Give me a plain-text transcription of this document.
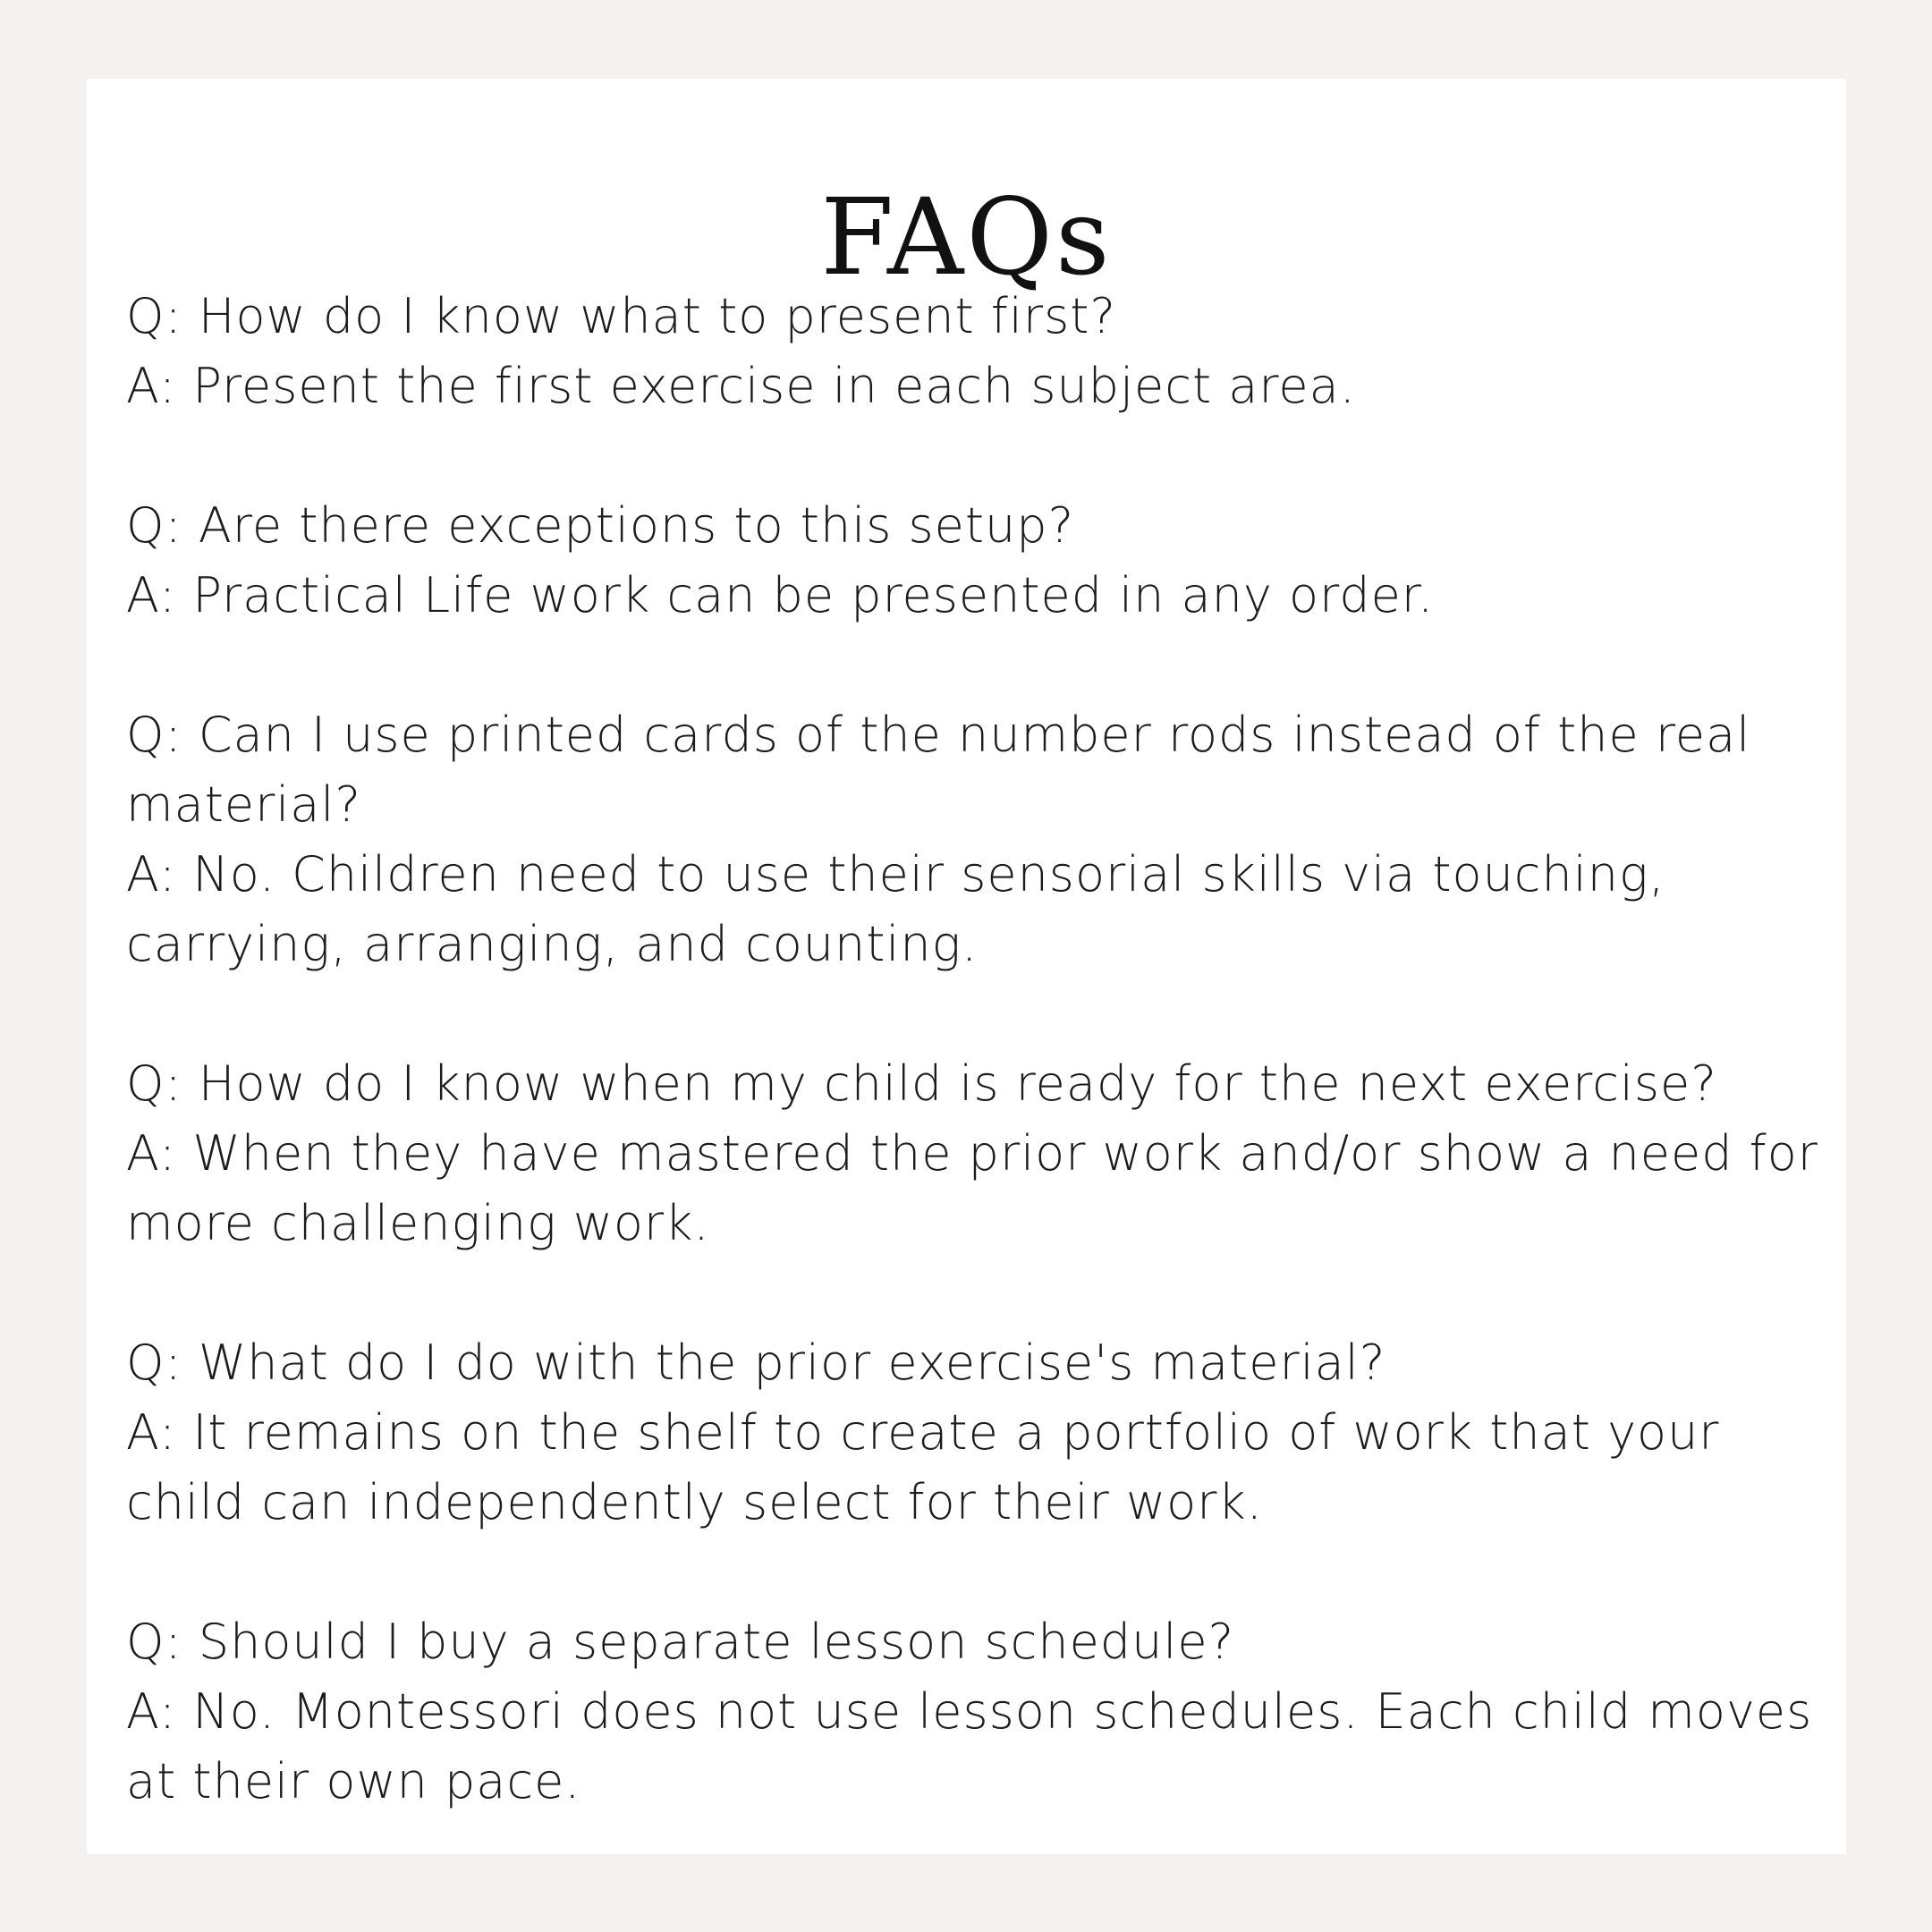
FAQs
Q: How do I know what to present first?
A: Present the first exercise in each subject area.
Q: Are there exceptions to this setup?
A: Practical Life work can be presented in any order.
Q: Can I use printed cards of the number rods instead of the real material?
A: No. Children need to use their sensorial skills via touching, carrying, arranging, and counting.
Q: How do I know when my child is ready for the next exercise?
A: When they have mastered the prior work and/or show a need for more challenging work.
Q: What do I do with the prior exercise's material?
A: It remains on the shelf to create a portfolio of work that your child can independently select for their work.
Q: Should I buy a separate lesson schedule?
A: No. Montessori does not use lesson schedules. Each child moves at their own pace.
